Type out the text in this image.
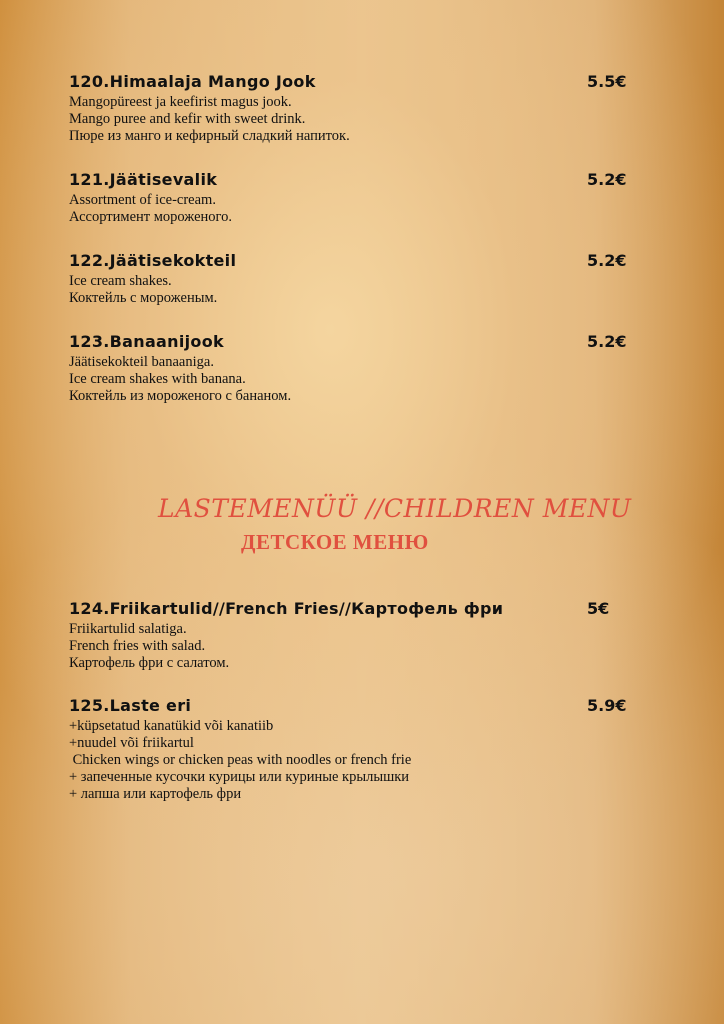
120.Himaalaja Mango Jook	5.5€
Mangopüreest ja keefirist magus jook.
Mango puree and kefir with sweet drink.
Пюре из манго и кефирный сладкий напиток.
121.Jäätisevalik	5.2€
Assortment of ice-cream.
Ассортимент мороженого.
122.Jäätisekokteil	5.2€
Ice cream shakes.
Коктейль с мороженым.
123.Banaanijook	5.2€
Jäätisekokteil banaaniga.
Ice cream shakes with banana.
Коктейль из мороженого с бананом.
LASTEMENÜÜ //CHILDREN MENU
ДЕТСКОЕ МЕНЮ
124.Friikartulid//French Fries//Картофель фри	5€
Friikartulid salatiga.
French fries with salad.
Картофель фри с салатом.
125.Laste eri	5.9€
+küpsetatud kanatükid või kanatiib
+nuudel või friikartul
Chicken wings or chicken peas with noodles or french frie
+ запеченные кусочки курицы или куриные крылышки
+ лапша или картофель фри
